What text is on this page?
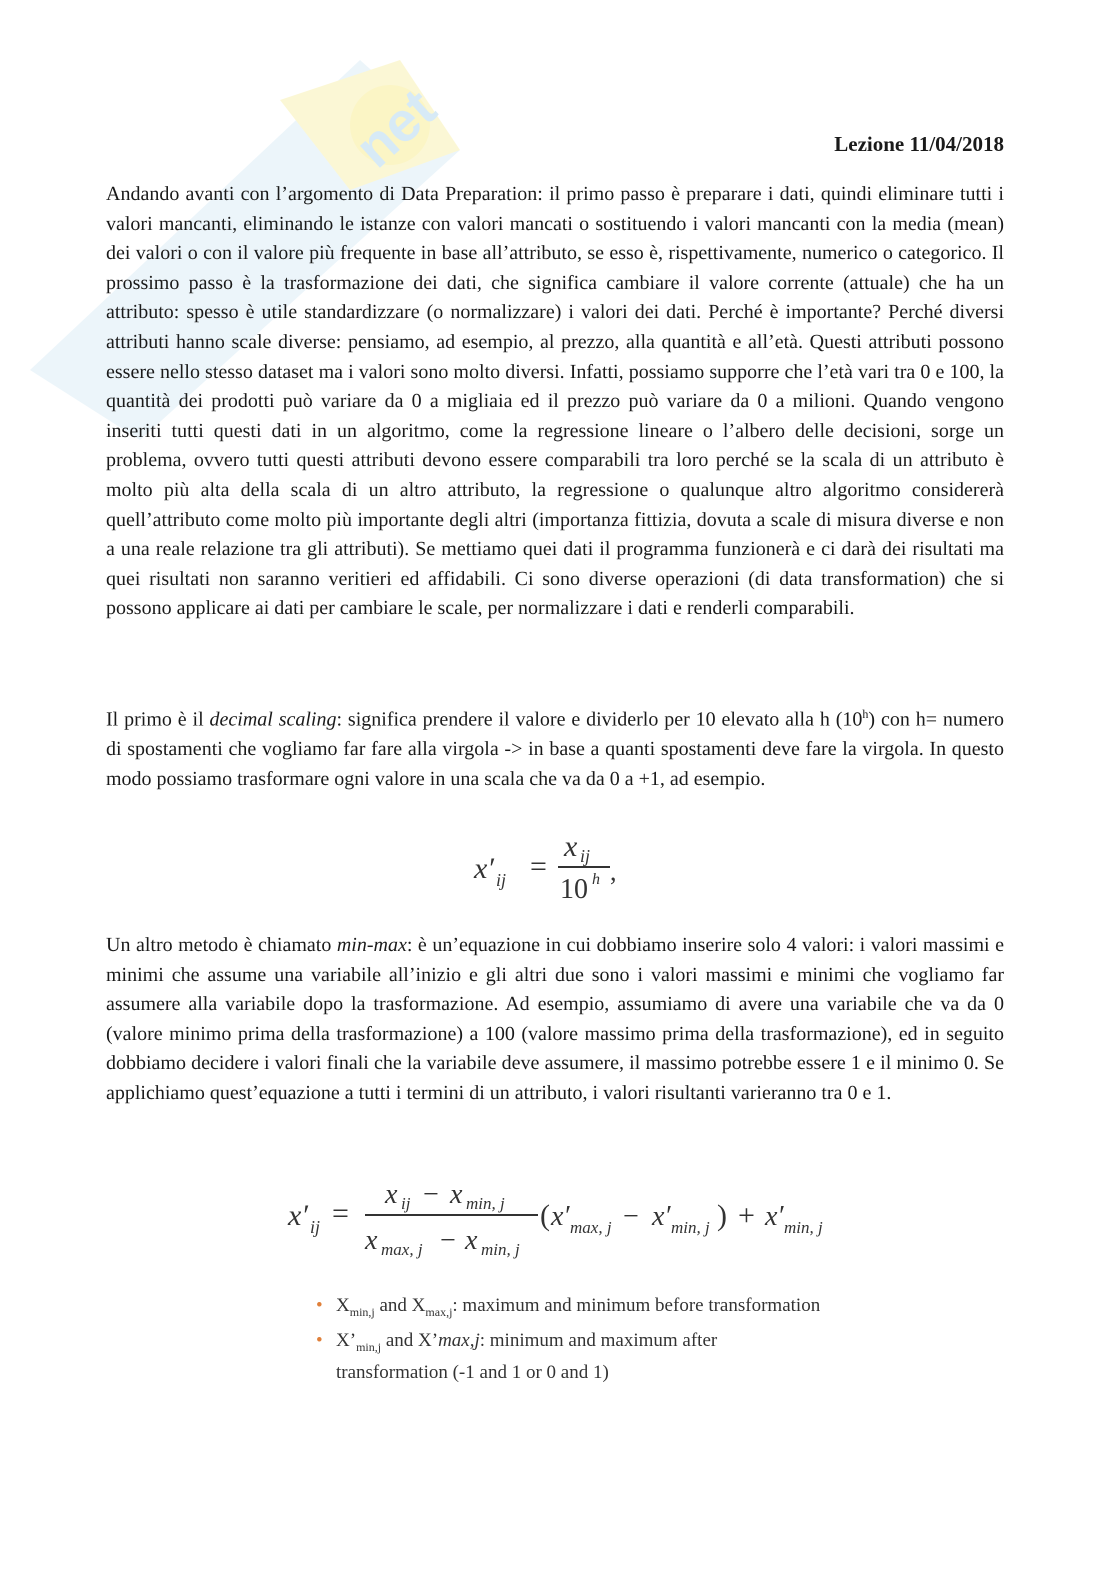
net	Lezione 11/04/2018

Andando avanti con l’argomento di Data Preparation: il primo passo è preparare i dati, quindi eliminare tutti i valori mancanti, eliminando le istanze con valori mancati o sostituendo i valori mancanti con la media (mean) dei valori o con il valore più frequente in base all’attributo, se esso è, rispettivamente, numerico o categorico. Il prossimo passo è la trasformazione dei dati, che significa cambiare il valore corrente (attuale) che ha un attributo: spesso è utile standardizzare (o normalizzare) i valori dei dati. Perché è importante? Perché diversi attributi hanno scale diverse: pensiamo, ad esempio, al prezzo, alla quantità e all’età. Questi attributi possono essere nello stesso dataset ma i valori sono molto diversi. Infatti, possiamo supporre che l’età vari tra 0 e 100, la quantità dei prodotti può variare da 0 a migliaia ed il prezzo può variare da 0 a milioni. Quando vengono inseriti tutti questi dati in un algoritmo, come la regressione lineare o l’albero delle decisioni, sorge un problema, ovvero tutti questi attributi devono essere comparabili tra loro perché se la scala di un attributo è molto più alta della scala di un altro attributo, la regressione o qualunque altro algoritmo considererà quell’attributo come molto più importante degli altri (importanza fittizia, dovuta a scale di misura diverse e non a una reale relazione tra gli attributi). Se mettiamo quei dati il programma funzionerà e ci darà dei risultati ma quei risultati non saranno veritieri ed affidabili. Ci sono diverse operazioni (di data transformation) che si possono applicare ai dati per cambiare le scale, per normalizzare i dati e renderli comparabili.

Il primo è il decimal scaling: significa prendere il valore e dividerlo per 10 elevato alla h (10$^h$) con h= numero di spostamenti che vogliamo far fare alla virgola -> in base a quanti spostamenti deve fare la virgola. In questo modo possiamo trasformare ogni valore in una scala che va da 0 a +1, ad esempio.

x′ ij =
x ij
10 h ,

Un altro metodo è chiamato min-max: è un’equazione in cui dobbiamo inserire solo 4 valori: i valori massimi e minimi che assume una variabile all’inizio e gli altri due sono i valori massimi e minimi che vogliamo far assumere alla variabile dopo la trasformazione. Ad esempio, assumiamo di avere una variabile che va da 0 (valore minimo prima della trasformazione) a 100 (valore massimo prima della trasformazione), ed in seguito dobbiamo decidere i valori finali che la variabile deve assumere, il massimo potrebbe essere 1 e il minimo 0. Se applichiamo quest’equazione a tutti i termini di un attributo, i valori risultanti varieranno tra 0 e 1.

x′ ij =
x ij − x min, j
x max, j − x min, j
( x′ max, j − x′ min, j ) + x′ min, j
• $X_{min,j}$ and $X_{max,j}$: maximum and minimum before transformation
• $X’_{min,j}$ and X’max,j: minimum and maximum after transformation (-1 and 1 or 0 and 1)
